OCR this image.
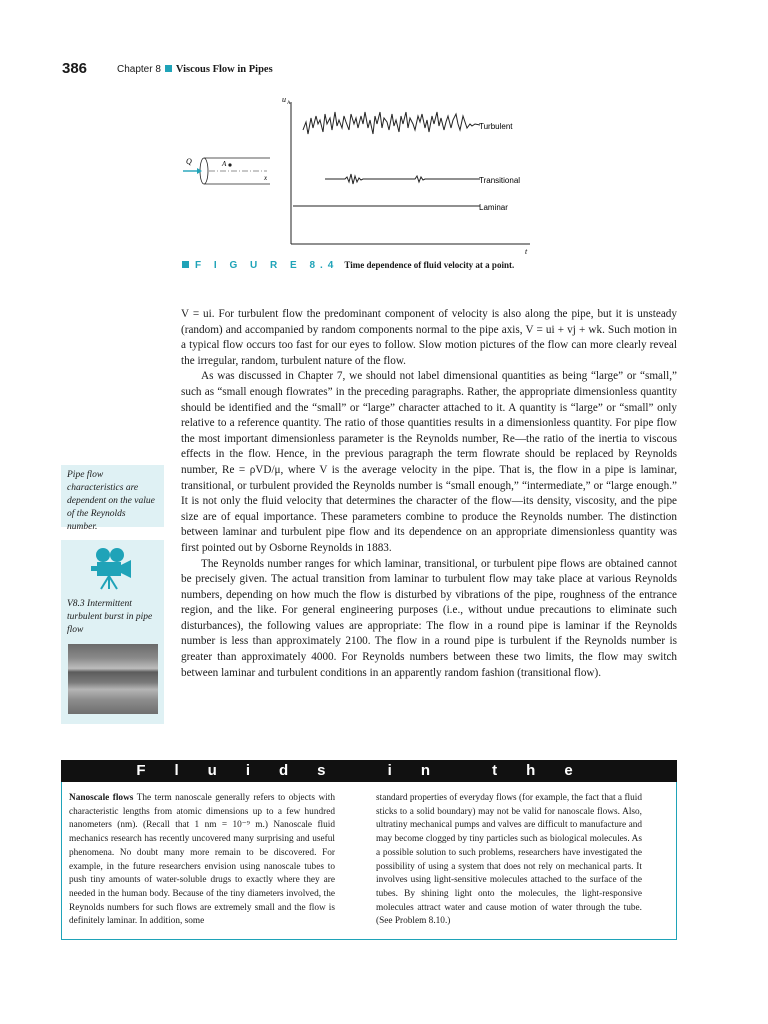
386	Chapter 8 Viscous Flow in Pipes
u A
t
Turbulent
Transitional
Laminar
A
x
Q
F I G U R E 8.4 Time dependence of fluid velocity at a point.

V = ui. For turbulent flow the predominant component of velocity is also along the pipe, but it is unsteady (random) and accompanied by random components normal to the pipe axis, V = ui + vj + wk. Such motion in a typical flow occurs too fast for our eyes to follow. Slow motion pictures of the flow can more clearly reveal the irregular, random, turbulent nature of the flow.

As was discussed in Chapter 7, we should not label dimensional quantities as being “large” or “small,” such as “small enough flowrates” in the preceding paragraphs. Rather, the appropriate dimensionless quantity should be identified and the “small” or “large” character attached to it. A quantity is “large” or “small” only relative to a reference quantity. The ratio of those quantities results in a dimensionless quantity. For pipe flow the most important dimensionless parameter is the Reynolds number, Re—the ratio of the inertia to viscous effects in the flow. Hence, in the previous paragraph the term flowrate should be replaced by Reynolds number, Re = ρVD/μ, where V is the average velocity in the pipe. That is, the flow in a pipe is laminar, transitional, or turbulent provided the Reynolds number is “small enough,” “intermediate,” or “large enough.” It is not only the fluid velocity that determines the character of the flow—its density, viscosity, and the pipe size are of equal importance. These parameters combine to produce the Reynolds number. The distinction between laminar and turbulent pipe flow and its dependence on an appropriate dimensionless quantity was first pointed out by Osborne Reynolds in 1883.

The Reynolds number ranges for which laminar, transitional, or turbulent pipe flows are obtained cannot be precisely given. The actual transition from laminar to turbulent flow may take place at various Reynolds numbers, depending on how much the flow is disturbed by vibrations of the pipe, roughness of the entrance region, and the like. For general engineering purposes (i.e., without undue precautions to eliminate such disturbances), the following values are appropriate: The flow in a round pipe is laminar if the Reynolds number is less than approximately 2100. The flow in a round pipe is turbulent if the Reynolds number is greater than approximately 4000. For Reynolds numbers between these two limits, the flow may switch between laminar and turbulent conditions in an apparently random fashion (transitional flow).

Pipe flow characteristics are dependent on the value of the Reynolds number.
V8.3 Intermittent turbulent burst in pipe flow
Fluids in the News
Nanoscale flows The term nanoscale generally refers to objects with characteristic lengths from atomic dimensions up to a few hundred nanometers (nm). (Recall that 1 nm = 10⁻⁹ m.) Nanoscale fluid mechanics research has recently uncovered many surprising and useful phenomena. No doubt many more remain to be discovered. For example, in the future researchers envision using nanoscale tubes to push tiny amounts of water-soluble drugs to exactly where they are needed in the human body. Because of the tiny diameters involved, the Reynolds numbers for such flows are extremely small and the flow is definitely laminar. In addition, some
standard properties of everyday flows (for example, the fact that a fluid sticks to a solid boundary) may not be valid for nanoscale flows. Also, ultratiny mechanical pumps and valves are difficult to manufacture and may become clogged by tiny particles such as biological molecules. As a possible solution to such problems, researchers have investigated the possibility of using a system that does not rely on mechanical parts. It involves using light-sensitive molecules attached to the surface of the tubes. By shining light onto the molecules, the light-responsive molecules attract water and cause motion of water through the tube. (See Problem 8.10.)
